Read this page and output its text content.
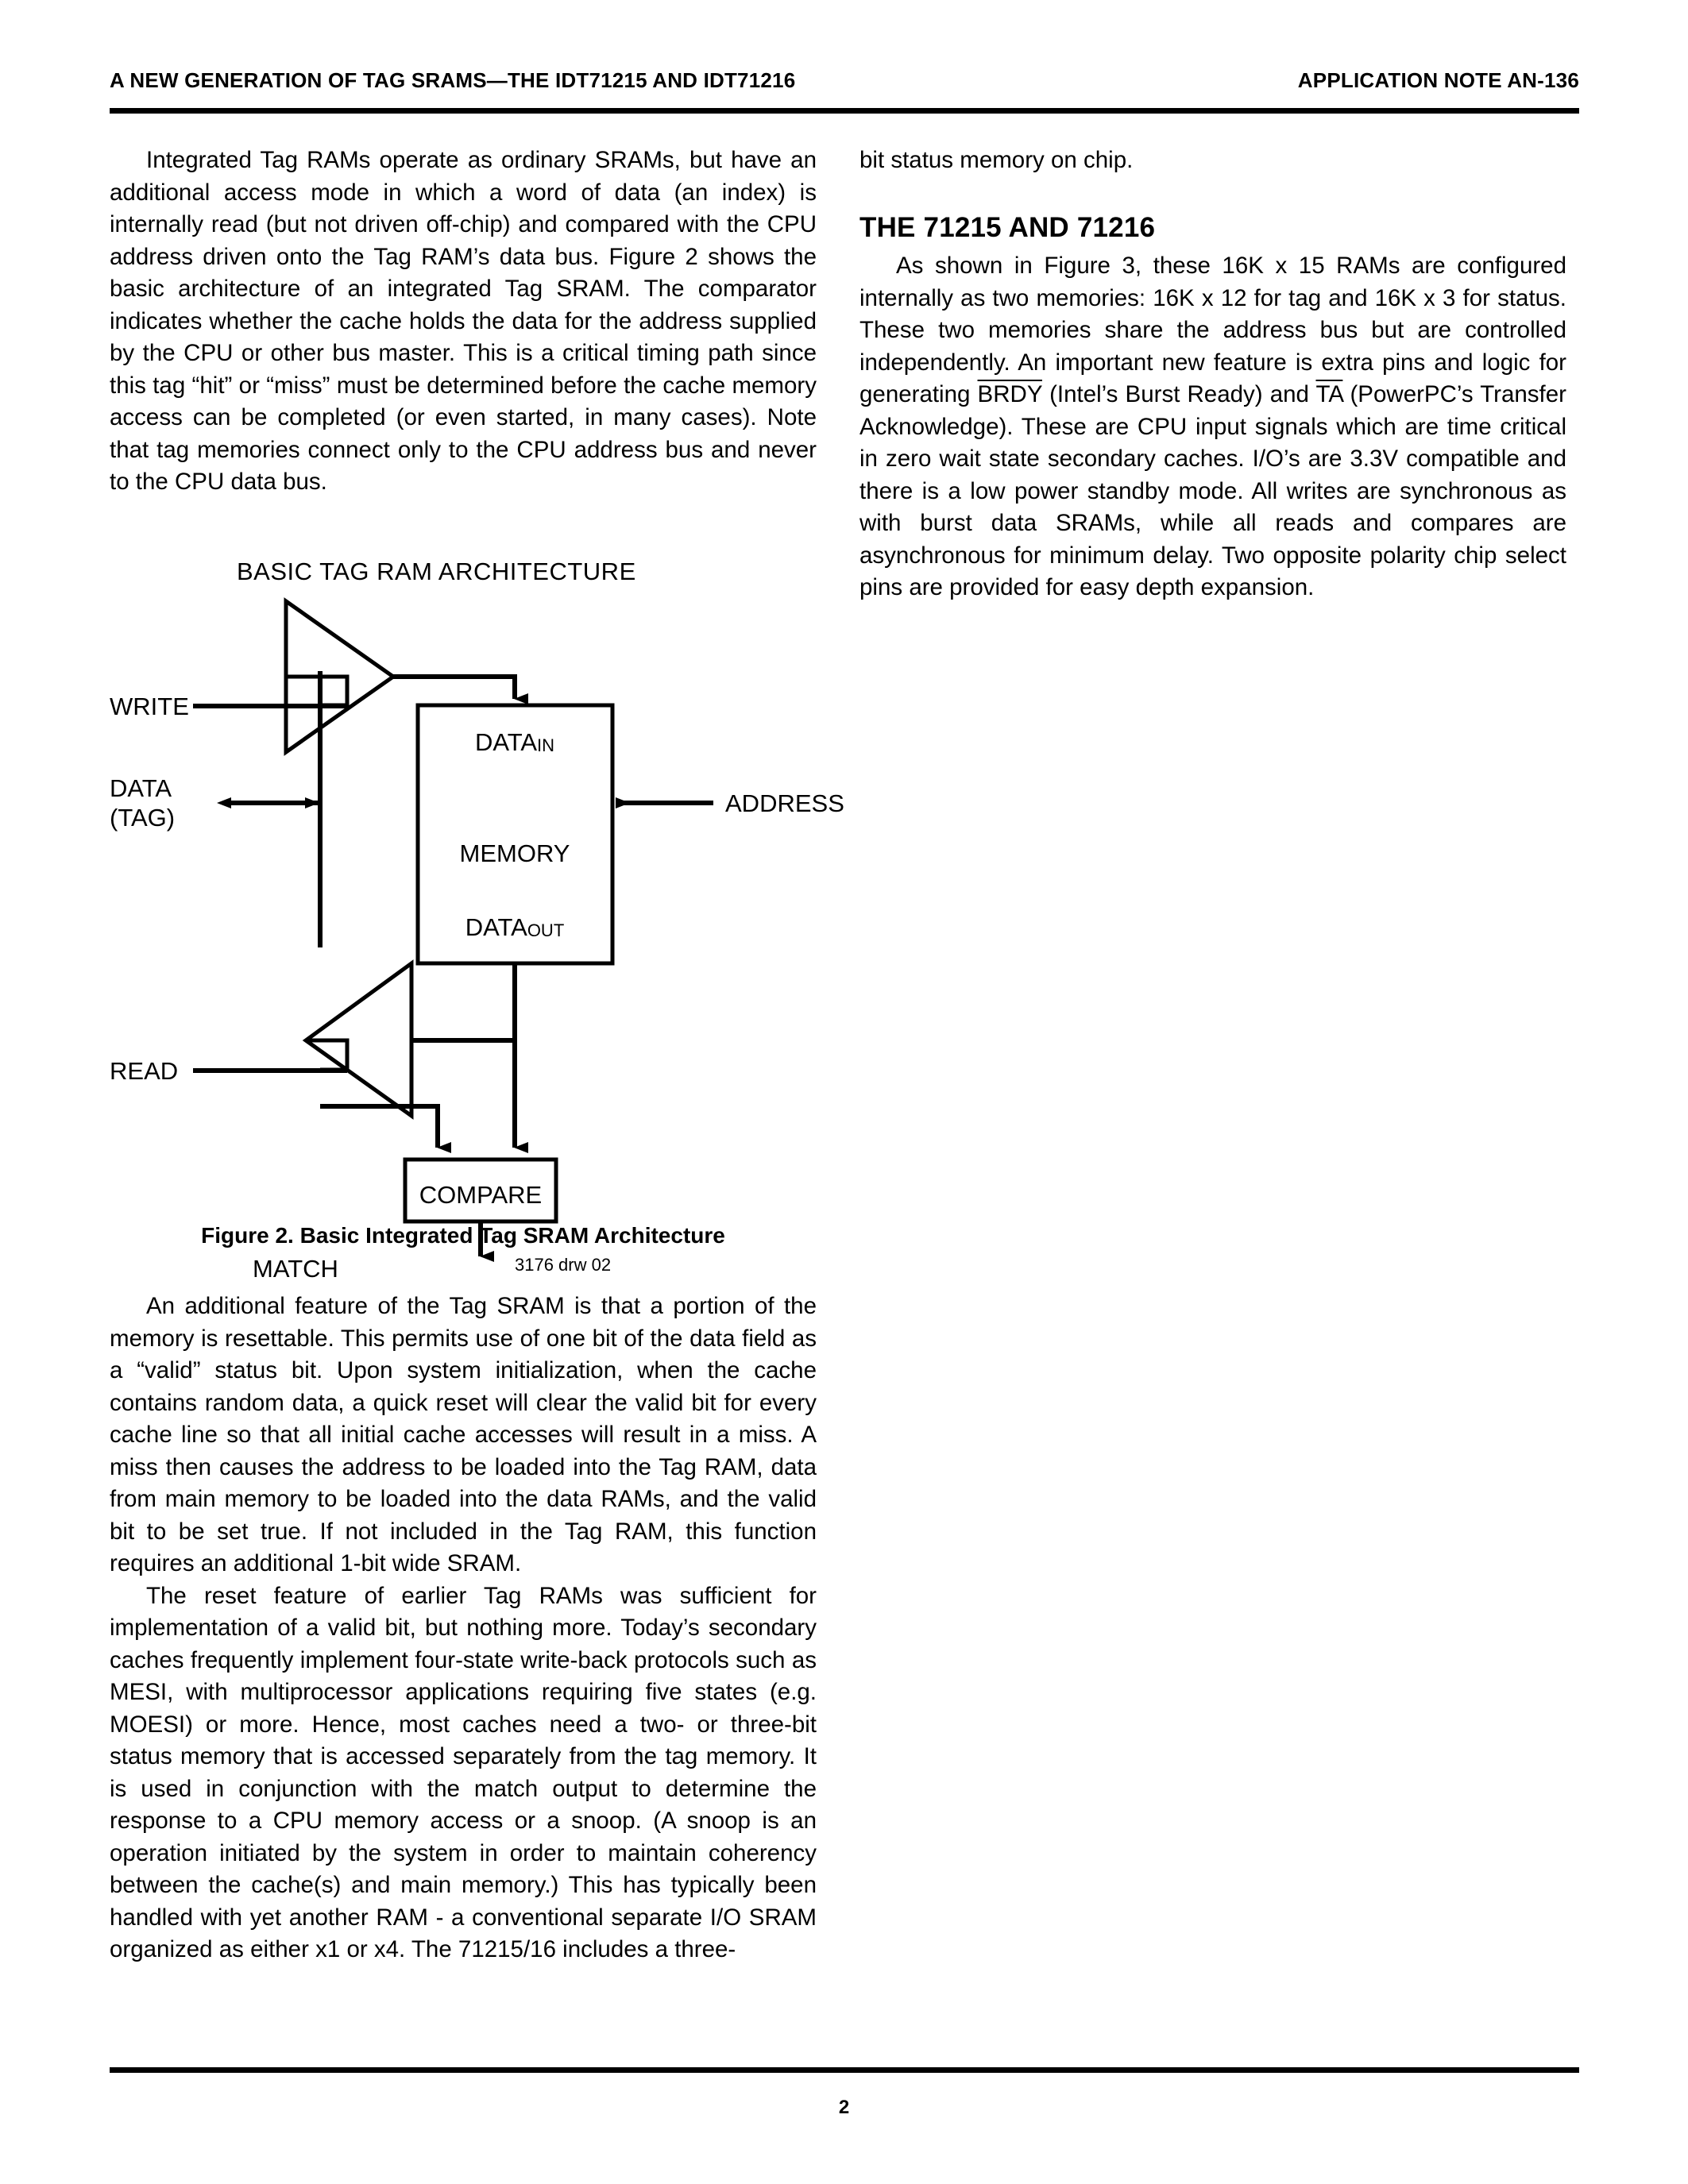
A NEW GENERATION OF TAG SRAMS—THE IDT71215 AND IDT71216	APPLICATION NOTE AN-136

Integrated Tag RAMs operate as ordinary SRAMs, but have an additional access mode in which a word of data (an index) is internally read (but not driven off-chip) and compared with the CPU address driven onto the Tag RAM’s data bus. Figure 2 shows the basic architecture of an integrated Tag SRAM. The comparator indicates whether the cache holds the data for the address supplied by the CPU or other bus master. This is a critical timing path since this tag “hit” or “miss” must be determined before the cache memory access can be completed (or even started, in many cases). Note that tag memories connect only to the CPU address bus and never to the CPU data bus.

bit status memory on chip.

THE 71215 AND 71216

As shown in Figure 3, these 16K x 15 RAMs are configured internally as two memories: 16K x 12 for tag and 16K x 3 for status. These two memories share the address bus but are controlled independently. An important new feature is extra pins and logic for generating BRDY (Intel’s Burst Ready) and $\overline{TA}$ (PowerPC’s Transfer Acknowledge). These are CPU input signals which are time critical in zero wait state secondary caches. I/O’s are 3.3V compatible and there is a low power standby mode. All writes are synchronous as with burst data SRAMs, while all reads and compares are asynchronous for minimum delay. Two opposite polarity chip select pins are provided for easy depth expansion.

BASIC TAG RAM ARCHITECTURE
MEMORY
DATAIN
DATAOUT
WRITE
DATA
(TAG)
ADDRESS
READ
COMPARE
MATCH	3176 drw 02
Figure 2. Basic Integrated Tag SRAM Architecture

An additional feature of the Tag SRAM is that a portion of the memory is resettable. This permits use of one bit of the data field as a “valid” status bit. Upon system initialization, when the cache contains random data, a quick reset will clear the valid bit for every cache line so that all initial cache accesses will result in a miss. A miss then causes the address to be loaded into the Tag RAM, data from main memory to be loaded into the data RAMs, and the valid bit to be set true. If not included in the Tag RAM, this function requires an additional 1-bit wide SRAM.

The reset feature of earlier Tag RAMs was sufficient for implementation of a valid bit, but nothing more. Today’s secondary caches frequently implement four-state write-back protocols such as MESI, with multiprocessor applications requiring five states (e.g. MOESI) or more. Hence, most caches need a two- or three-bit status memory that is accessed separately from the tag memory. It is used in conjunction with the match output to determine the response to a CPU memory access or a snoop. (A snoop is an operation initiated by the system in order to maintain coherency between the cache(s) and main memory.) This has typically been handled with yet another RAM - a conventional separate I/O SRAM organized as either x1 or x4. The 71215/16 includes a three-

2
